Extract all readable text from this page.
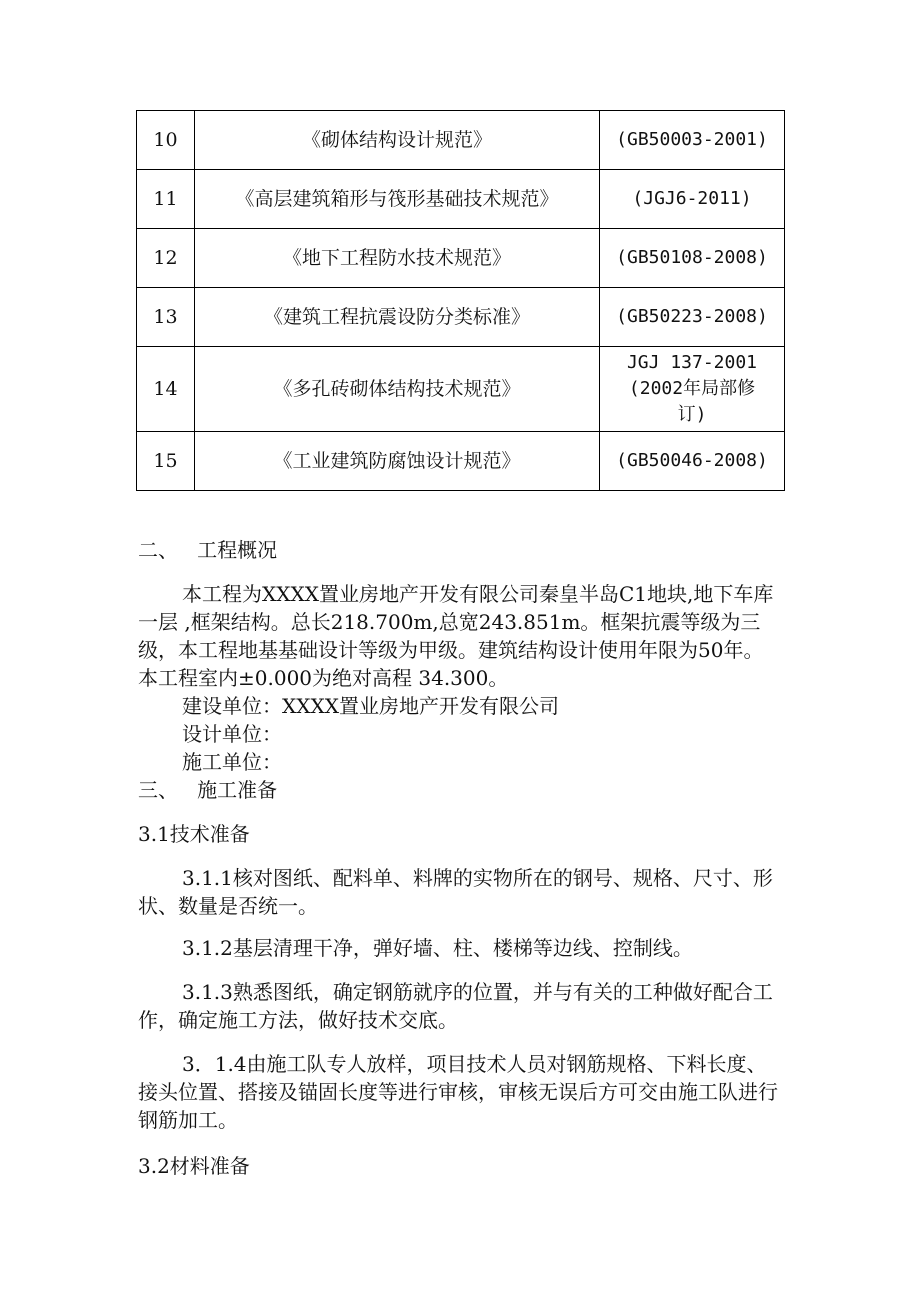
10	《砌体结构设计规范》	(GB50003-2001)
11	《高层建筑箱形与筏形基础技术规范》	(JGJ6-2011)
12	《地下工程防水技术规范》	(GB50108-2008)
13	《建筑工程抗震设防分类标准》	(GB50223-2008)
14	《多孔砖砌体结构技术规范》	JGJ 137-2001
(2002年局部修
订)

15	《工业建筑防腐蚀设计规范》	(GB50046-2008)
二、   工程概况
本工程为XXXX置业房地产开发有限公司秦皇半岛C1地块,地下车库一层 ,框架结构。总长218.700m,总宽243.851m。框架抗震等级为三级，本工程地基基础设计等级为甲级。建筑结构设计使用年限为50年。本工程室内±0.000为绝对高程 34.300。
建设单位：XXXX置业房地产开发有限公司
设计单位：
施工单位：
三、   施工准备
3.1技术准备
3.1.1核对图纸、配料单、料牌的实物所在的钢号、规格、尺寸、形状、数量是否统一。
3.1.2基层清理干净，弹好墙、柱、楼梯等边线、控制线。
3.1.3熟悉图纸，确定钢筋就序的位置，并与有关的工种做好配合工作，确定施工方法，做好技术交底。
3．1.4由施工队专人放样，项目技术人员对钢筋规格、下料长度、接头位置、搭接及锚固长度等进行审核，审核无误后方可交由施工队进行钢筋加工。
3.2材料准备
